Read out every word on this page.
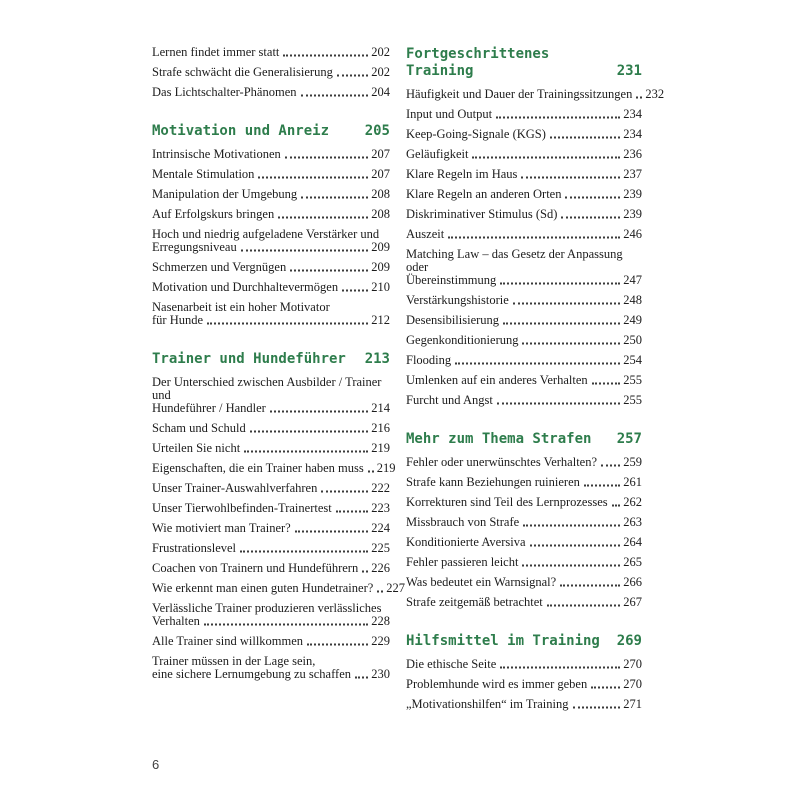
Lernen findet immer statt	202
Strafe schwächt die Generalisierung	202
Das Lichtschalter-Phänomen	204
Motivation und Anreiz	205
Intrinsische Motivationen	207
Mentale Stimulation	207
Manipulation der Umgebung	208
Auf Erfolgskurs bringen	208
Hoch und niedrig aufgeladene Verstärker und
Erregungsniveau	209
Schmerzen und Vergnügen	209
Motivation und Durchhaltevermögen	210
Nasenarbeit ist ein hoher Motivator
für Hunde	212
Trainer und Hundeführer 213
Der Unterschied zwischen Ausbilder / Trainer und
Hundeführer / Handler	214
Scham und Schuld	216
Urteilen Sie nicht	219
Eigenschaften, die ein Trainer haben muss 219
Unser Trainer-Auswahlverfahren	222
Unser Tierwohlbefinden-Trainertest	223
Wie motiviert man Trainer?	224
Frustrationslevel	225
Coachen von Trainern und Hundeführern 226
Wie erkennt man einen guten Hundetrainer? 227
Verlässliche Trainer produzieren verlässliches
Verhalten	228
Alle Trainer sind willkommen	229
Trainer müssen in der Lage sein,
eine sichere Lernumgebung zu schaffen 230
Fortgeschrittenes
Training	231
Häufigkeit und Dauer der Trainingssitzungen 232
Input und Output	234
Keep-Going-Signale (KGS)	234
Geläufigkeit	236
Klare Regeln im Haus	237
Klare Regeln an anderen Orten	239
Diskriminativer Stimulus (Sd)	239
Auszeit	246
Matching Law – das Gesetz der Anpassung oder
Übereinstimmung	247
Verstärkungshistorie	248
Desensibilisierung	249
Gegenkonditionierung	250
Flooding	254
Umlenken auf ein anderes Verhalten	255
Furcht und Angst	255
Mehr zum Thema Strafen 257
Fehler oder unerwünschtes Verhalten? 259
Strafe kann Beziehungen ruinieren	261
Korrekturen sind Teil des Lernprozesses 262
Missbrauch von Strafe	263
Konditionierte Aversiva	264
Fehler passieren leicht	265
Was bedeutet ein Warnsignal?	266
Strafe zeitgemäß betrachtet	267
Hilfsmittel im Training 269
Die ethische Seite	270
Problemhunde wird es immer geben	270
„Motivationshilfen“ im Training	271
6
